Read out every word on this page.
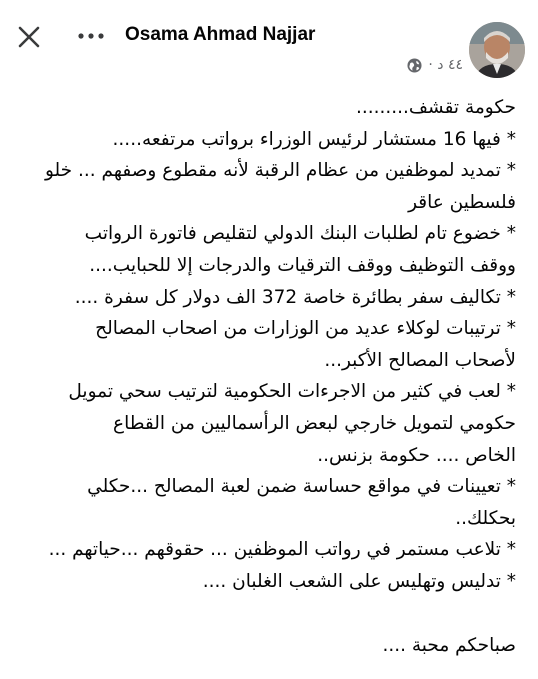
Osama Ahmad Najjar
٤٤ د ·

حكومة تقشف.........

* فيها 16 مستشار لرئيس الوزراء برواتب مرتفعه.....

* تمديد لموظفين من عظام الرقبة لأنه مقطوع وصفهم ... خلو

فلسطين عاقر

* خضوع تام لطلبات البنك الدولي لتقليص فاتورة الرواتب

ووقف التوظيف ووقف الترقيات والدرجات إلا للحبايب....

* تكاليف سفر بطائرة خاصة 372 الف دولار كل سفرة ....

* ترتيبات لوكلاء عديد من الوزارات من اصحاب المصالح

لأصحاب المصالح الأكبر...

* لعب في كثير من الاجرءات الحكومية لترتيب سحي تمويل

حكومي لتمويل خارجي لبعض الرأسماليين من القطاع

الخاص .... حكومة بزنس..

* تعيينات في مواقع حساسة ضمن لعبة المصالح ...حكلي

بحكلك..

* تلاعب مستمر في رواتب الموظفين ... حقوقهم ...حياتهم ...

* تدليس وتهليس على الشعب الغلبان ....

صباحكم محبة ....
